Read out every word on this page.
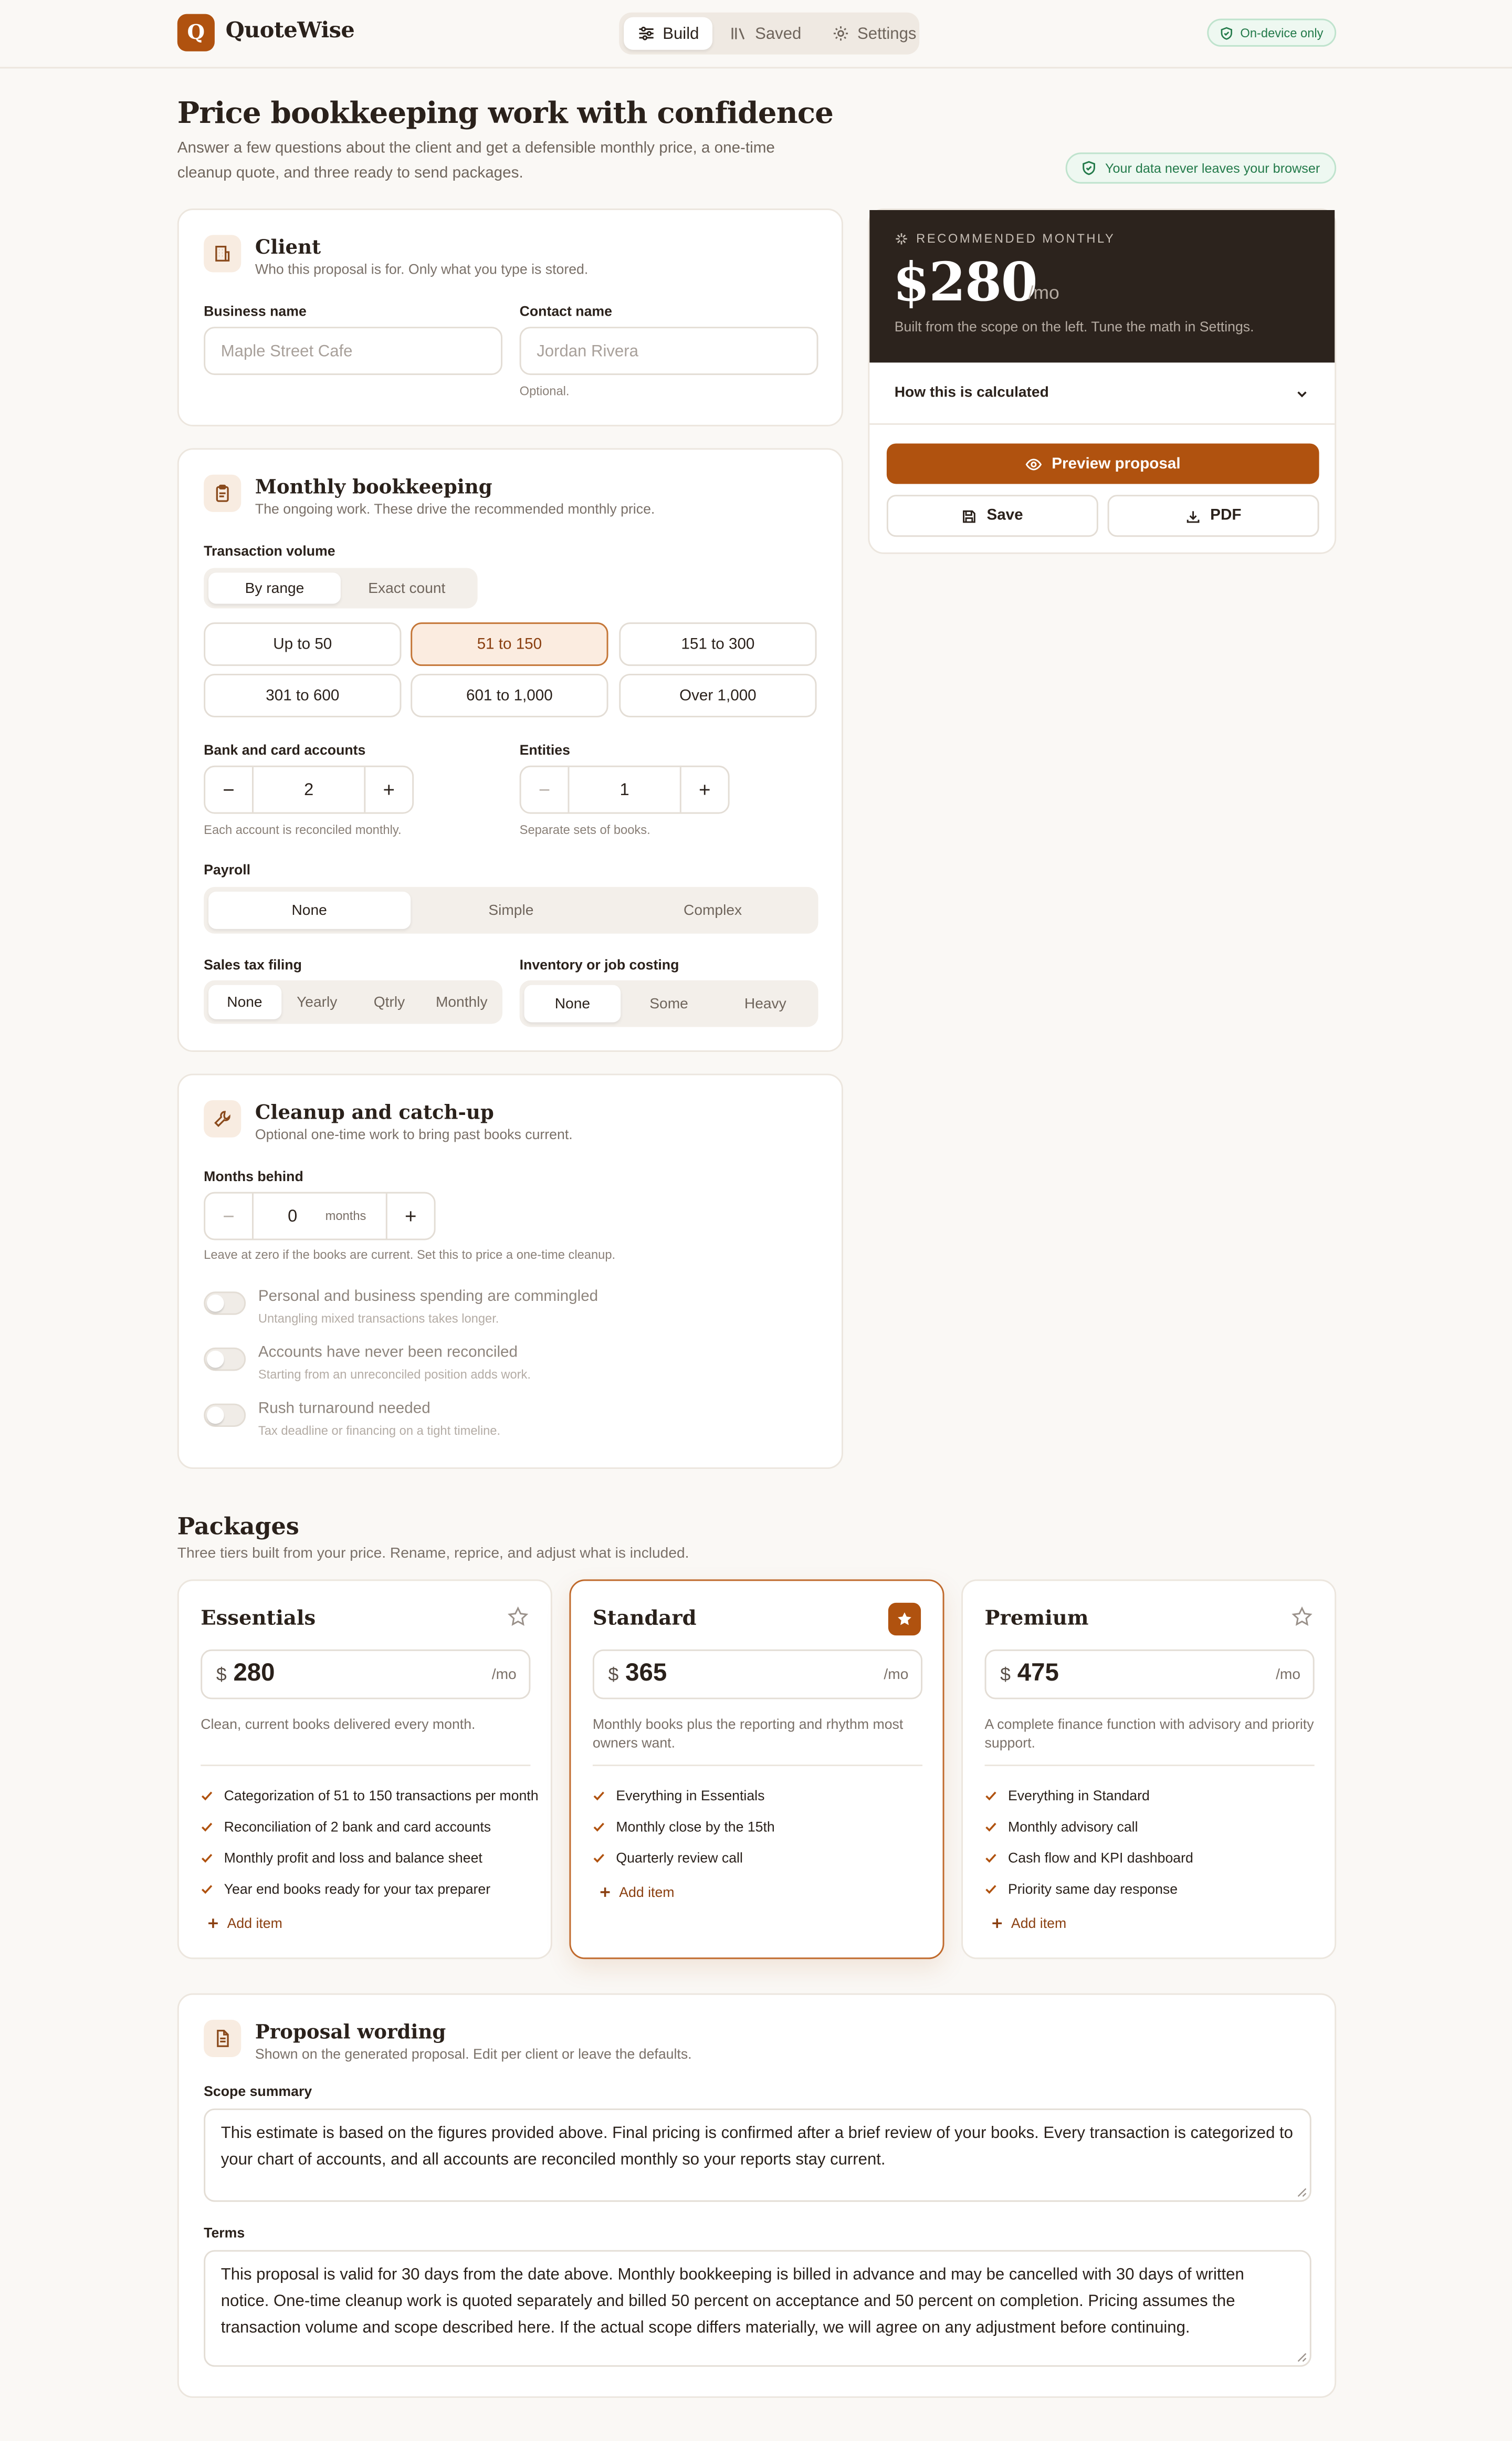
Q	QuoteWise	Build	Saved	Settings	On-device only
Price bookkeeping work with confidence
Answer a few questions about the client and get a defensible monthly price, a one-time cleanup quote, and three ready to send packages.	Your data never leaves your browser
Client
Who this proposal is for. Only what you type is stored.
Business name
Maple Street Cafe
Contact name
Jordan Rivera
Optional.
Monthly bookkeeping
The ongoing work. These drive the recommended monthly price.
Transaction volume
By range	Exact count
Up to 50	51 to 150	151 to 300
301 to 600	601 to 1,000	Over 1,000
Bank and card accounts
−	2	+
Each account is reconciled monthly.
Entities
−	1	+
Separate sets of books.
Payroll
None	Simple	Complex
Sales tax filing
None	Yearly	Qtrly	Monthly
Inventory or job costing
None	Some	Heavy
Cleanup and catch-up
Optional one-time work to bring past books current.
Months behind
−	0	months	+
Leave at zero if the books are current. Set this to price a one-time cleanup.
Personal and business spending are commingled
Untangling mixed transactions takes longer.
Accounts have never been reconciled
Starting from an unreconciled position adds work.
Rush turnaround needed
Tax deadline or financing on a tight timeline.
RECOMMENDED MONTHLY
$280
/mo
Built from the scope on the left. Tune the math in Settings.
How this is calculated
Preview proposal
Save	PDF
Packages
Three tiers built from your price. Rename, reprice, and adjust what is included.
Essentials
$ 280	/mo
Clean, current books delivered every month.
Categorization of 51 to 150 transactions per month
Reconciliation of 2 bank and card accounts
Monthly profit and loss and balance sheet
Year end books ready for your tax preparer
Add item
Standard
$ 365	/mo
Monthly books plus the reporting and rhythm most owners want.
Everything in Essentials
Monthly close by the 15th
Quarterly review call
Add item
Premium
$ 475	/mo
A complete finance function with advisory and priority support.
Everything in Standard
Monthly advisory call
Cash flow and KPI dashboard
Priority same day response
Add item
Proposal wording
Shown on the generated proposal. Edit per client or leave the defaults.
Scope summary
This estimate is based on the figures provided above. Final pricing is confirmed after a brief review of your books. Every transaction is categorized to your chart of accounts, and all accounts are reconciled monthly so your reports stay current.
Terms
This proposal is valid for 30 days from the date above. Monthly bookkeeping is billed in advance and may be cancelled with 30 days of written notice. One-time cleanup work is quoted separately and billed 50 percent on acceptance and 50 percent on completion. Pricing assumes the transaction volume and scope described here. If the actual scope differs materially, we will agree on any adjustment before continuing.
